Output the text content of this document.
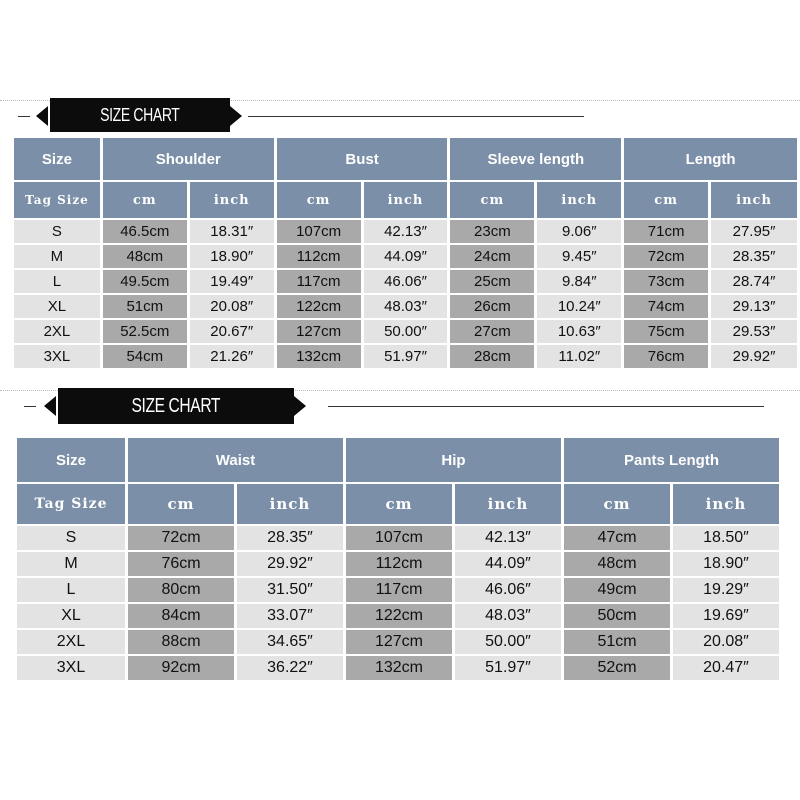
SIZE CHART
Size	Shoulder		Bust		Sleeve length		Length	
Tag Size	cm	inch	cm	inch	cm	inch	cm	inch
S	46.5cm	18.31″	107cm	42.13″	23cm	9.06″	71cm	27.95″
M	48cm	18.90″	112cm	44.09″	24cm	9.45″	72cm	28.35″
L	49.5cm	19.49″	117cm	46.06″	25cm	9.84″	73cm	28.74″
XL	51cm	20.08″	122cm	48.03″	26cm	10.24″	74cm	29.13″
2XL	52.5cm	20.67″	127cm	50.00″	27cm	10.63″	75cm	29.53″
3XL	54cm	21.26″	132cm	51.97″	28cm	11.02″	76cm	29.92″
SIZE CHART
Size	Waist		Hip		Pants Length	
Tag Size	cm	inch	cm	inch	cm	inch
S	72cm	28.35″	107cm	42.13″	47cm	18.50″
M	76cm	29.92″	112cm	44.09″	48cm	18.90″
L	80cm	31.50″	117cm	46.06″	49cm	19.29″
XL	84cm	33.07″	122cm	48.03″	50cm	19.69″
2XL	88cm	34.65″	127cm	50.00″	51cm	20.08″
3XL	92cm	36.22″	132cm	51.97″	52cm	20.47″
